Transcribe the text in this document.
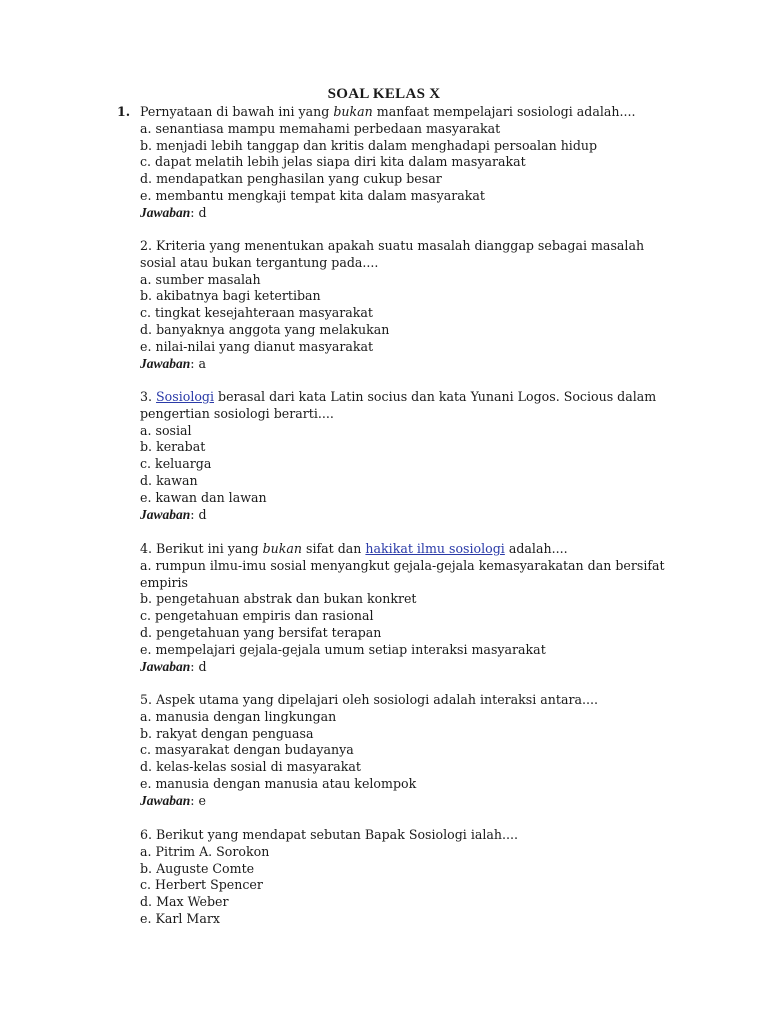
SOAL KELAS X
1. Pernyataan di bawah ini yang bukan manfaat mempelajari sosiologi adalah....
a. senantiasa mampu memahami perbedaan masyarakat
b. menjadi lebih tanggap dan kritis dalam menghadapi persoalan hidup
c. dapat melatih lebih jelas siapa diri kita dalam masyarakat
d. mendapatkan penghasilan yang cukup besar
e. membantu mengkaji tempat kita dalam masyarakat
Jawaban: d
2. Kriteria yang menentukan apakah suatu masalah dianggap sebagai masalah sosial atau bukan tergantung pada....
a. sumber masalah
b. akibatnya bagi ketertiban
c. tingkat kesejahteraan masyarakat
d. banyaknya anggota yang melakukan
e. nilai-nilai yang dianut masyarakat
Jawaban: a
3. Sosiologi berasal dari kata Latin socius dan kata Yunani Logos. Socious dalam pengertian sosiologi berarti....
a. sosial
b. kerabat
c. keluarga
d. kawan
e. kawan dan lawan
Jawaban: d
4. Berikut ini yang bukan sifat dan hakikat ilmu sosiologi adalah....
a. rumpun ilmu-imu sosial menyangkut gejala-gejala kemasyarakatan dan bersifat empiris
b. pengetahuan abstrak dan bukan konkret
c. pengetahuan empiris dan rasional
d. pengetahuan yang bersifat terapan
e. mempelajari gejala-gejala umum setiap interaksi masyarakat
Jawaban: d
5. Aspek utama yang dipelajari oleh sosiologi adalah interaksi antara....
a. manusia dengan lingkungan
b. rakyat dengan penguasa
c. masyarakat dengan budayanya
d. kelas-kelas sosial di masyarakat
e. manusia dengan manusia atau kelompok
Jawaban: e
6. Berikut yang mendapat sebutan Bapak Sosiologi ialah....
a. Pitrim A. Sorokon
b. Auguste Comte
c. Herbert Spencer
d. Max Weber
e. Karl Marx
